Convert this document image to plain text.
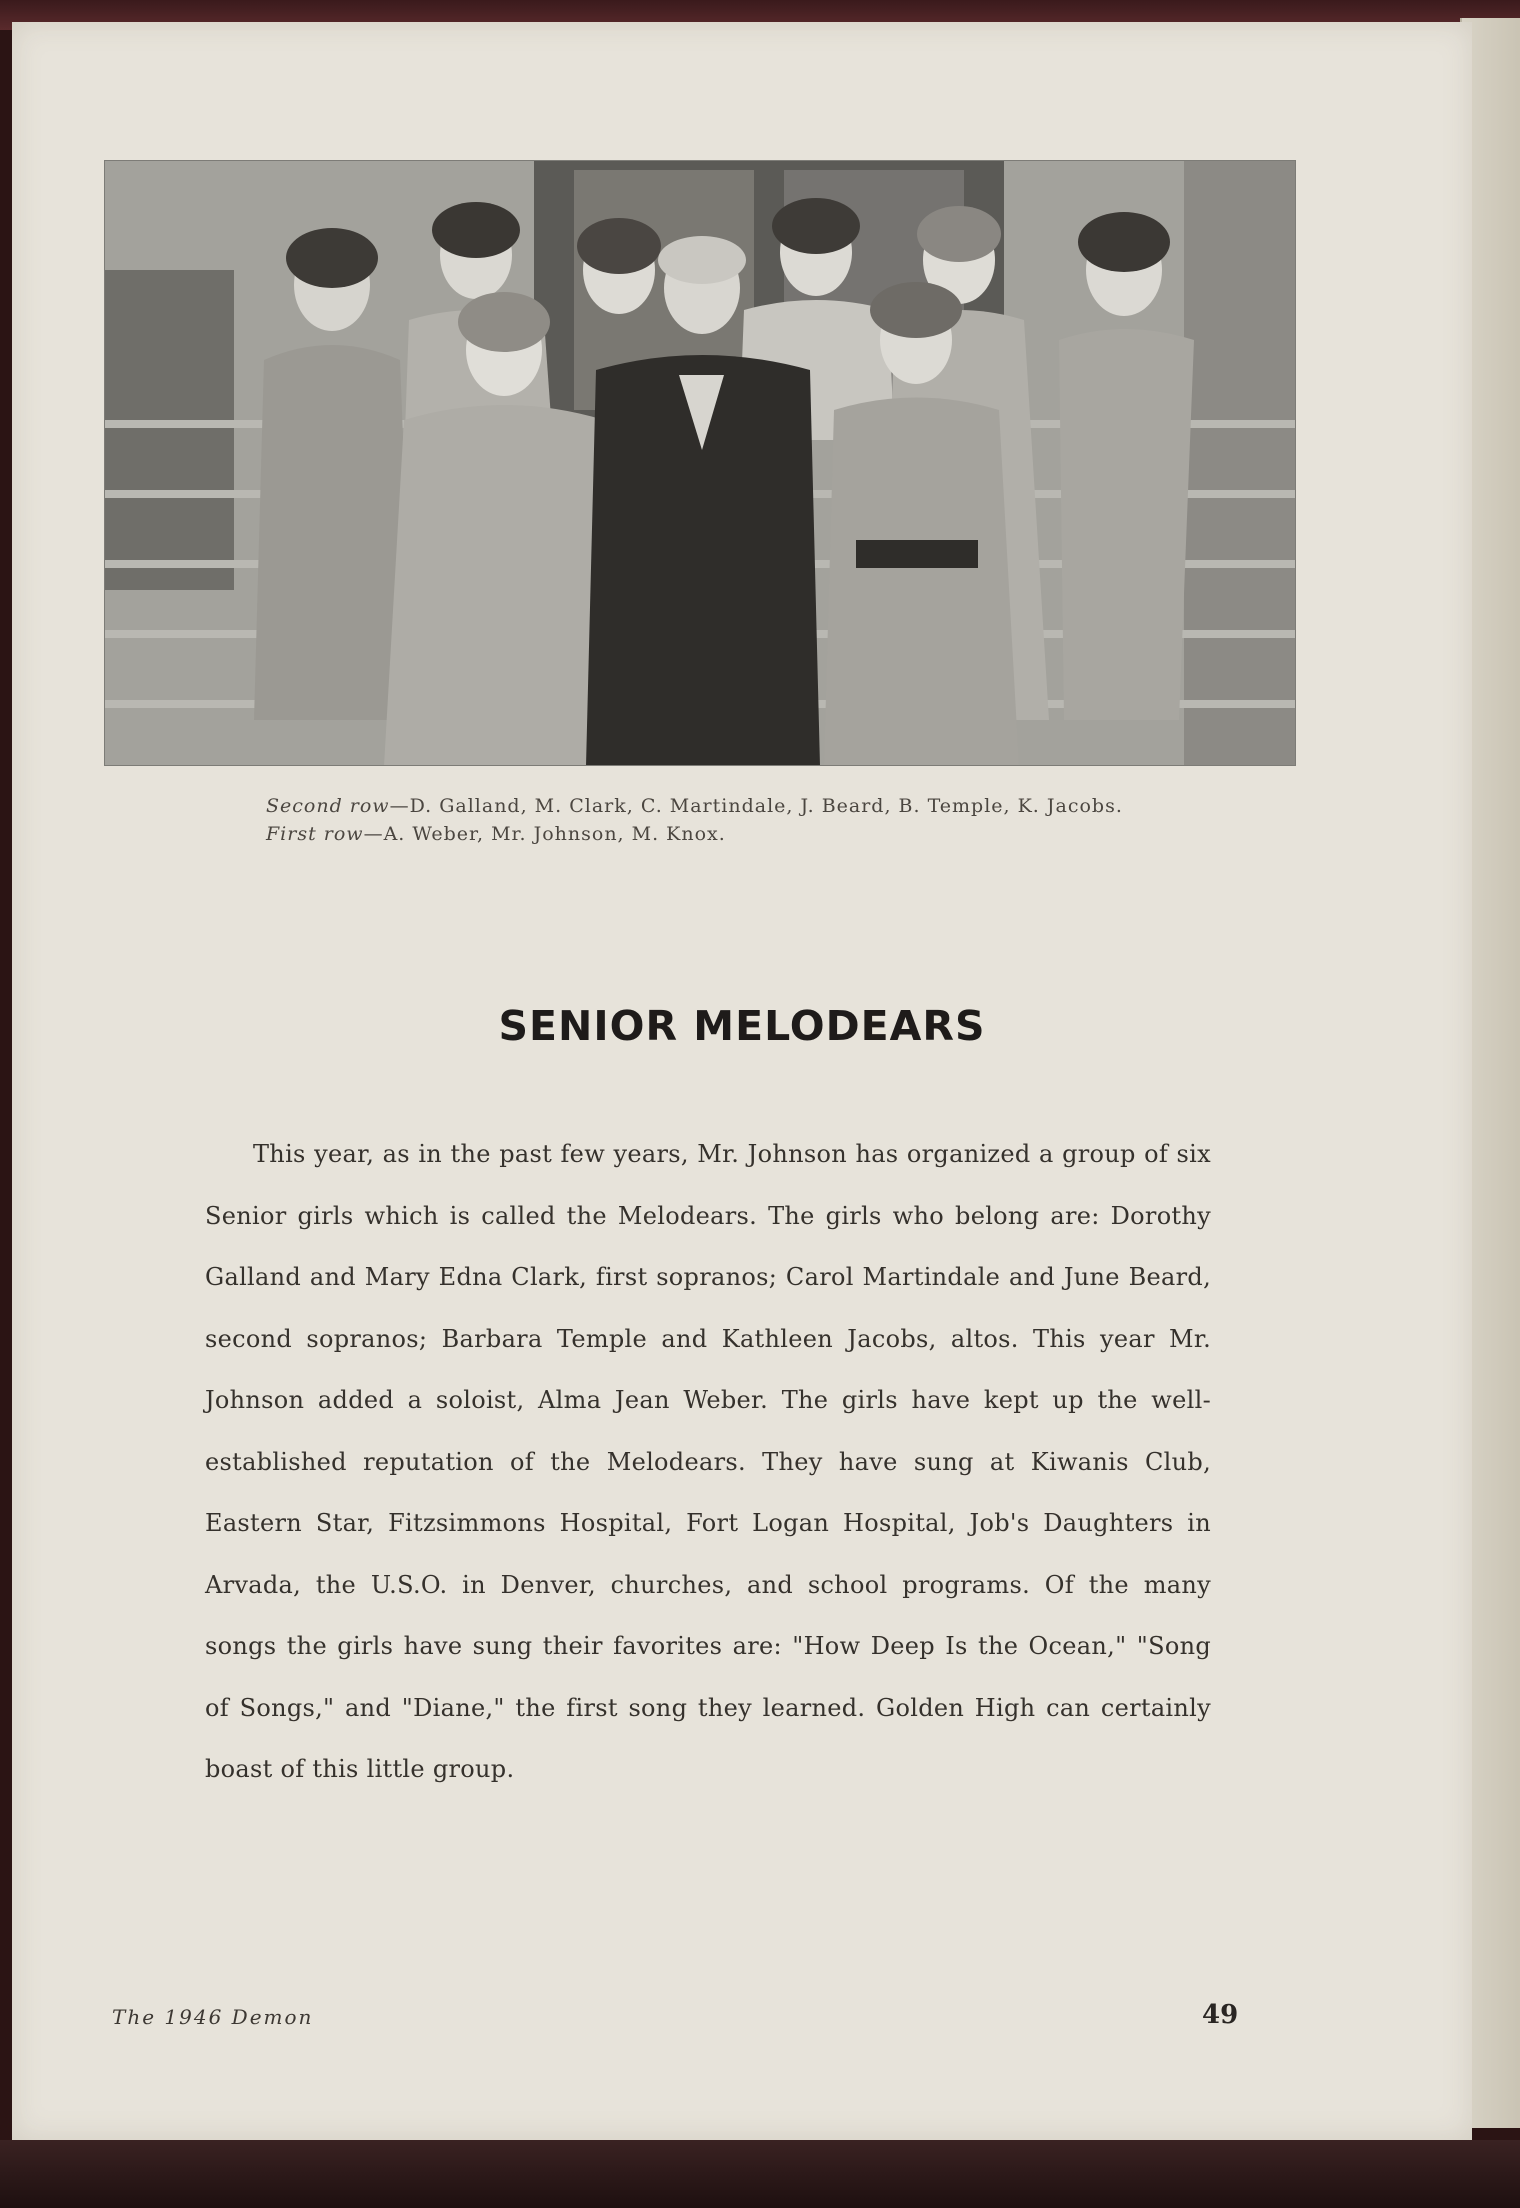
Second row—D. Galland, M. Clark, C. Martindale, J. Beard, B. Temple, K. Jacobs.
First row—A. Weber, Mr. Johnson, M. Knox.
SENIOR MELODEARS
This year, as in the past few years, Mr. Johnson has organized a group of six Senior girls which is called the Melodears. The girls who belong are: Dorothy Galland and Mary Edna Clark, first sopranos; Carol Martindale and June Beard, second sopranos; Barbara Temple and Kathleen Jacobs, altos. This year Mr. Johnson added a soloist, Alma Jean Weber. The girls have kept up the well-established reputation of the Melodears. They have sung at Kiwanis Club, Eastern Star, Fitzsimmons Hospital, Fort Logan Hospital, Job's Daughters in Arvada, the U.S.O. in Denver, churches, and school programs. Of the many songs the girls have sung their favorites are: "How Deep Is the Ocean," "Song of Songs," and "Diane," the first song they learned. Golden High can certainly boast of this little group.
The 1946 Demon	49
